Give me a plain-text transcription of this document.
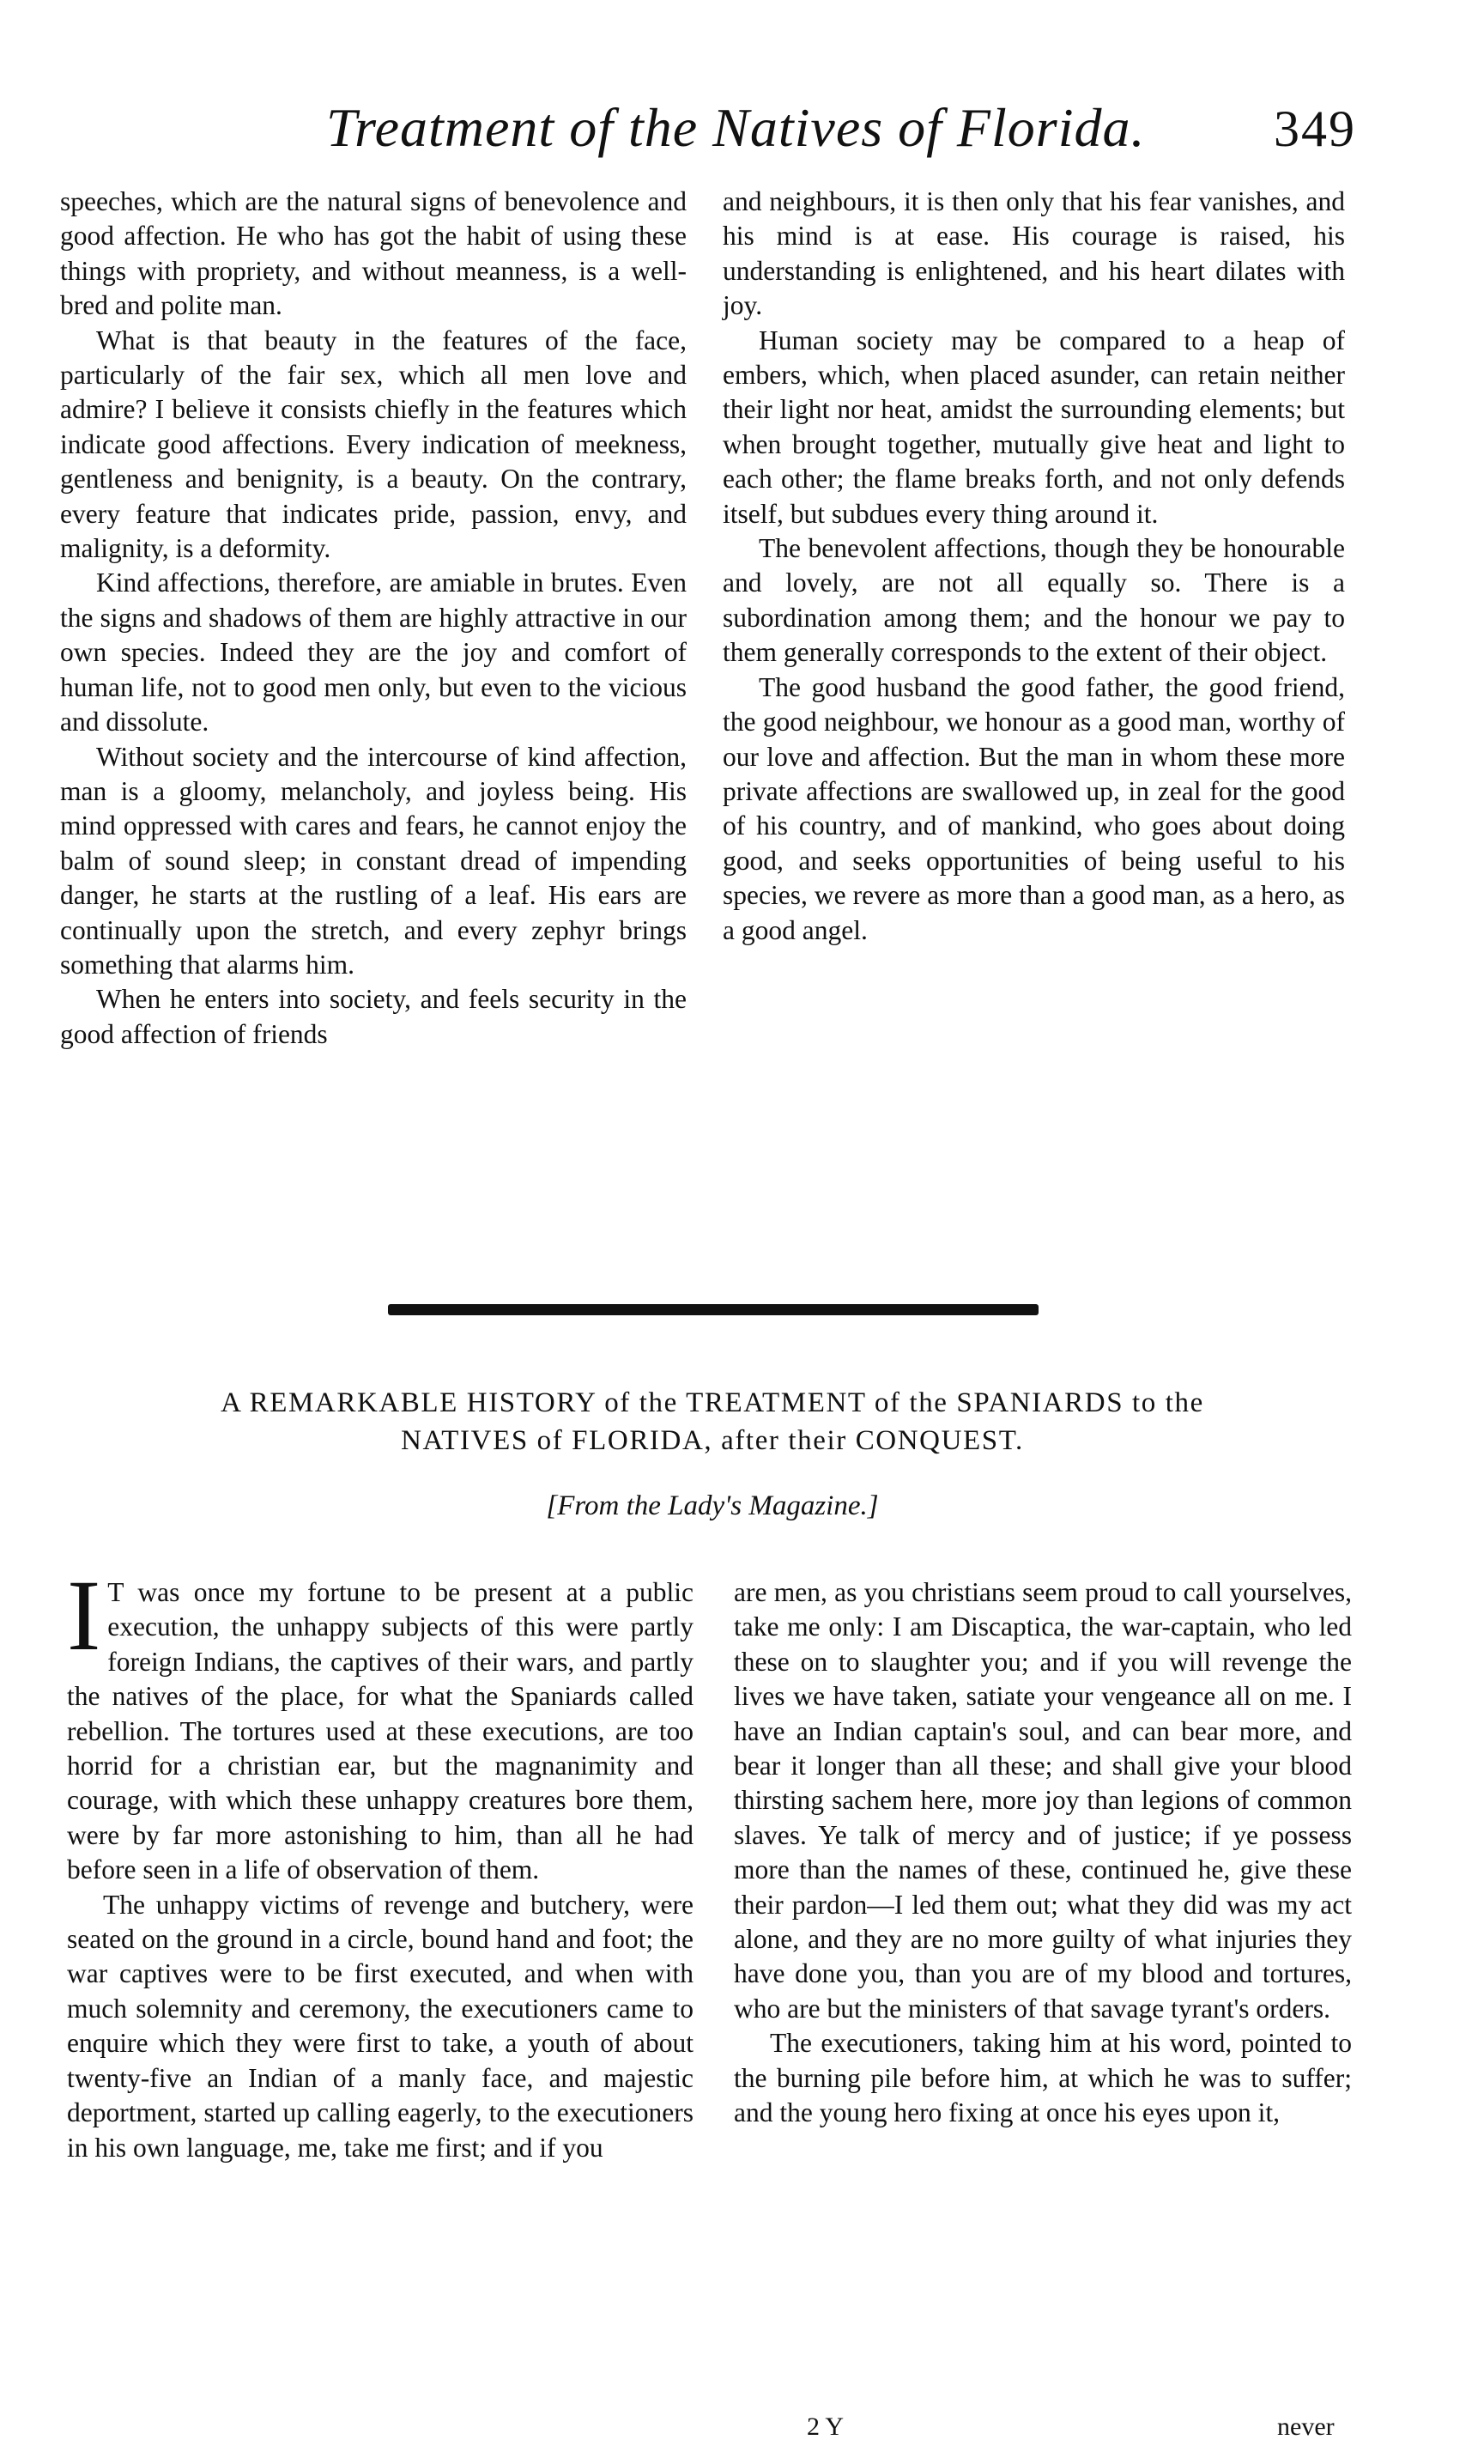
Treatment of the Natives of Florida. 349

speeches, which are the natural signs of benevolence and good affection. He who has got the habit of using these things with propriety, and without meanness, is a well-bred and polite man.

What is that beauty in the features of the face, particularly of the fair sex, which all men love and admire? I believe it consists chiefly in the features which indicate good affections. Every indication of meekness, gentleness and benignity, is a beauty. On the contrary, every feature that indicates pride, passion, envy, and malignity, is a deformity.

Kind affections, therefore, are amiable in brutes. Even the signs and shadows of them are highly attractive in our own species. Indeed they are the joy and comfort of human life, not to good men only, but even to the vicious and dissolute.

Without society and the intercourse of kind affection, man is a gloomy, melancholy, and joyless being. His mind oppressed with cares and fears, he cannot enjoy the balm of sound sleep; in constant dread of impending danger, he starts at the rustling of a leaf. His ears are continually upon the stretch, and every zephyr brings something that alarms him.

When he enters into society, and feels security in the good affection of friends

and neighbours, it is then only that his fear vanishes, and his mind is at ease. His courage is raised, his understanding is enlightened, and his heart dilates with joy.

Human society may be compared to a heap of embers, which, when placed asunder, can retain neither their light nor heat, amidst the surrounding elements; but when brought together, mutually give heat and light to each other; the flame breaks forth, and not only defends itself, but subdues every thing around it.

The benevolent affections, though they be honourable and lovely, are not all equally so. There is a subordination among them; and the honour we pay to them generally corresponds to the extent of their object.

The good husband the good father, the good friend, the good neighbour, we honour as a good man, worthy of our love and affection. But the man in whom these more private affections are swallowed up, in zeal for the good of his country, and of mankind, who goes about doing good, and seeks opportunities of being useful to his species, we revere as more than a good man, as a hero, as a good angel.

A REMARKABLE HISTORY of the TREATMENT of the SPANIARDS to the
NATIVES of FLORIDA, after their CONQUEST.
[From the Lady's Magazine.]

I T was once my fortune to be present at a public execution, the unhappy subjects of this were partly foreign Indians, the captives of their wars, and partly the natives of the place, for what the Spaniards called rebellion. The tortures used at these executions, are too horrid for a christian ear, but the magnanimity and courage, with which these unhappy creatures bore them, were by far more astonishing to him, than all he had before seen in a life of observation of them.

The unhappy victims of revenge and butchery, were seated on the ground in a circle, bound hand and foot; the war captives were to be first executed, and when with much solemnity and ceremony, the executioners came to enquire which they were first to take, a youth of about twenty-five an Indian of a manly face, and majestic deportment, started up calling eagerly, to the executioners in his own language, me, take me first; and if you

are men, as you christians seem proud to call yourselves, take me only: I am Discaptica, the war-captain, who led these on to slaughter you; and if you will revenge the lives we have taken, satiate your vengeance all on me. I have an Indian captain's soul, and can bear more, and bear it longer than all these; and shall give your blood thirsting sachem here, more joy than legions of common slaves. Ye talk of mercy and of justice; if ye possess more than the names of these, continued he, give these their pardon—I led them out; what they did was my act alone, and they are no more guilty of what injuries they have done you, than you are of my blood and tortures, who are but the ministers of that savage tyrant's orders.

The executioners, taking him at his word, pointed to the burning pile before him, at which he was to suffer; and the young hero fixing at once his eyes upon it,

2 Y	never
